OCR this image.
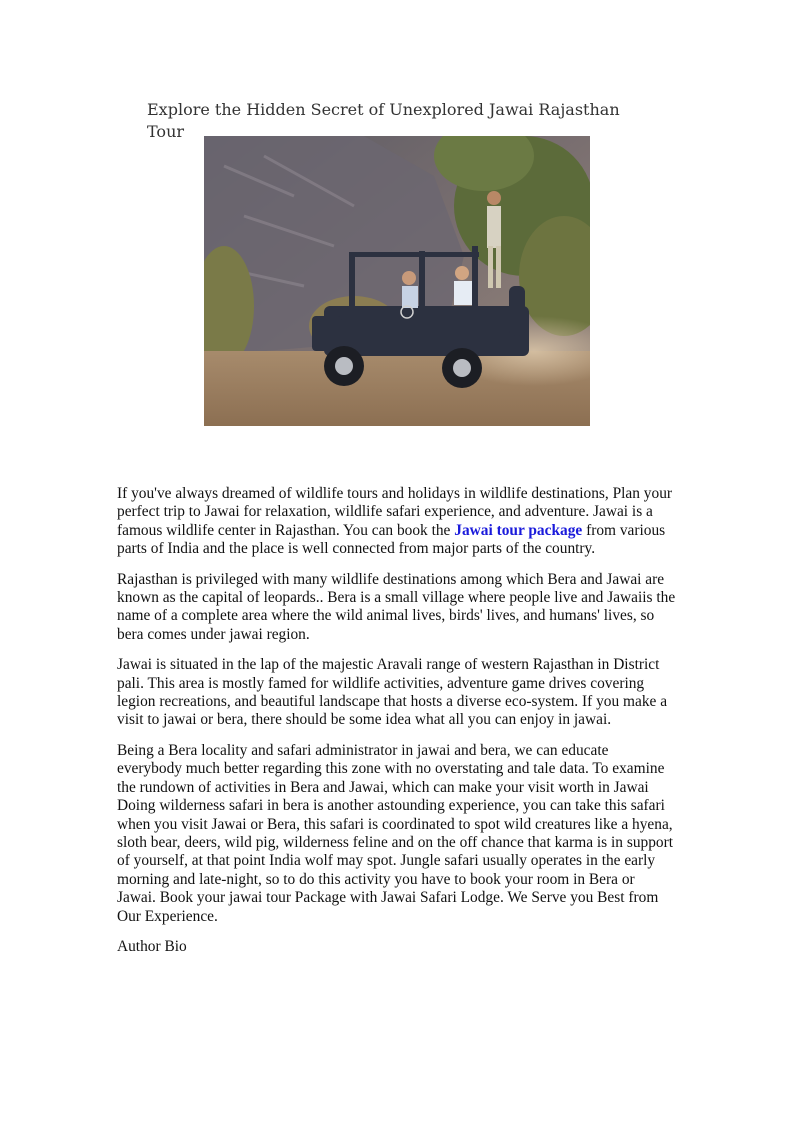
Explore the Hidden Secret of Unexplored Jawai Rajasthan Tour

If you've always dreamed of wildlife tours and holidays in wildlife destinations, Plan your perfect trip to Jawai for relaxation, wildlife safari experience, and adventure. Jawai is a famous wildlife center in Rajasthan. You can book the Jawai tour package from various parts of India and the place is well connected from major parts of the country.

Rajasthan is privileged with many wildlife destinations among which Bera and Jawai are known as the capital of leopards.. Bera is a small village where people live and Jawaiis the name of a complete area where the wild animal lives, birds' lives, and humans' lives, so bera comes under jawai region.

Jawai is situated in the lap of the majestic Aravali range of western Rajasthan in District pali. This area is mostly famed for wildlife activities, adventure game drives covering legion recreations, and beautiful landscape that hosts a diverse eco-system. If you make a visit to jawai or bera, there should be some idea what all you can enjoy in jawai.

Being a Bera locality and safari administrator in jawai and bera, we can educate everybody much better regarding this zone with no overstating and tale data. To examine the rundown of activities in Bera and Jawai, which can make your visit worth in Jawai Doing wilderness safari in bera is another astounding experience, you can take this safari when you visit Jawai or Bera, this safari is coordinated to spot wild creatures like a hyena, sloth bear, deers, wild pig, wilderness feline and on the off chance that karma is in support of yourself, at that point India wolf may spot. Jungle safari usually operates in the early morning and late-night, so to do this activity you have to book your room in Bera or Jawai. Book your jawai tour Package with Jawai Safari Lodge. We Serve you Best from Our Experience.

Author Bio
